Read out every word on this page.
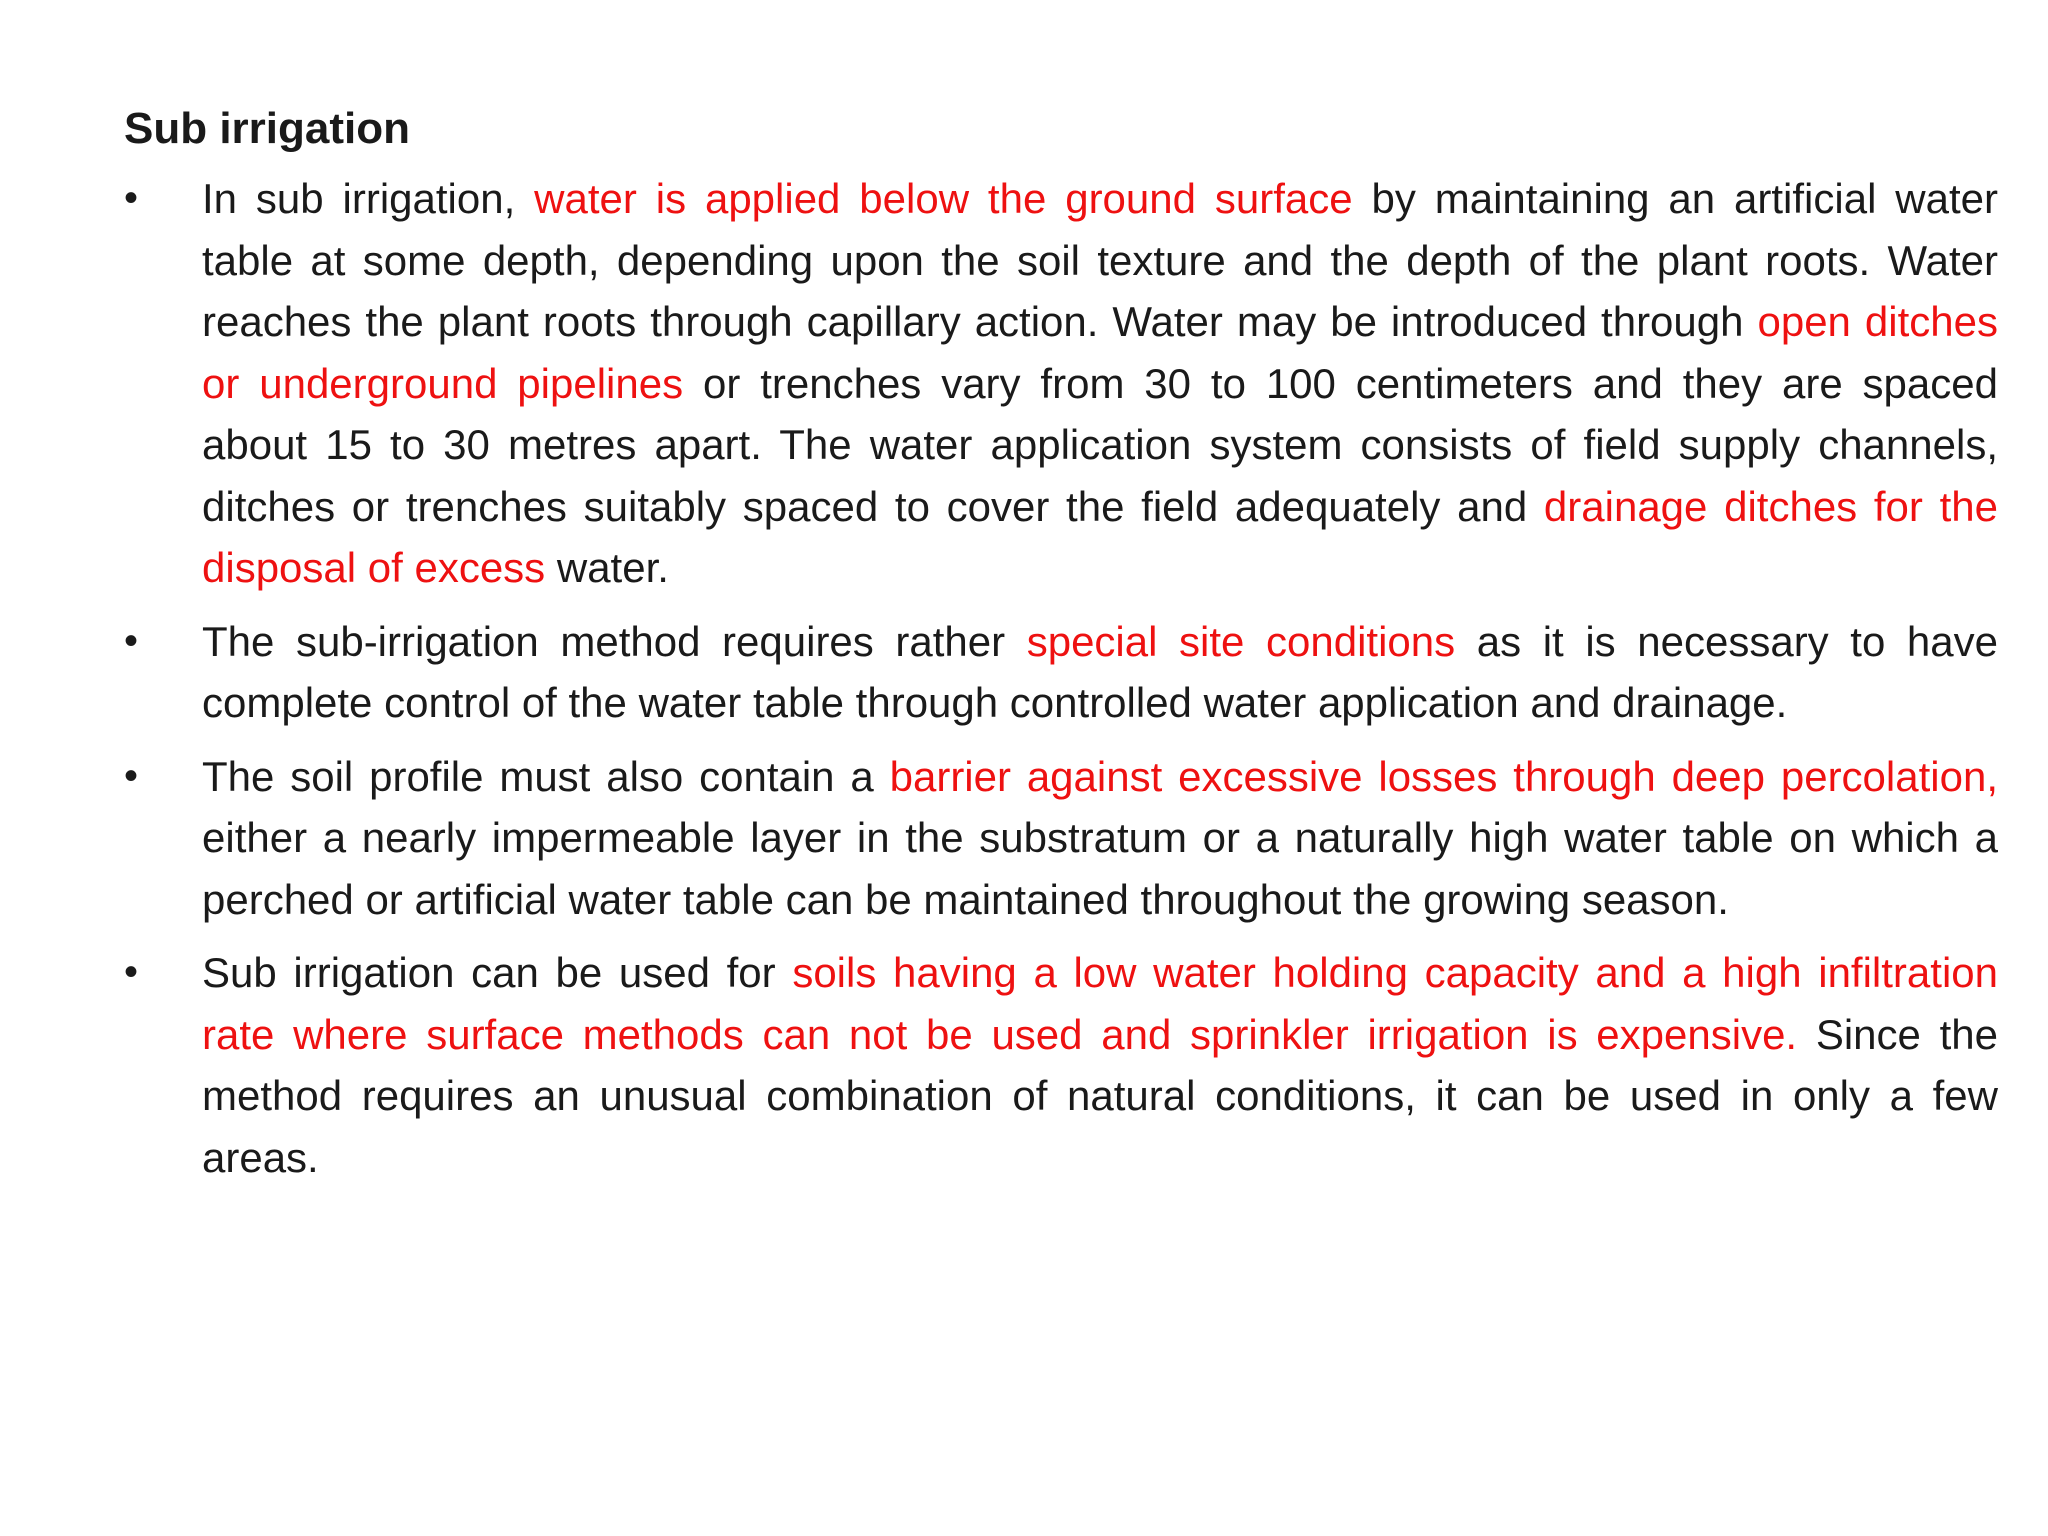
Sub irrigation
•	In sub irrigation, water is applied below the ground surface by maintaining an artificial water table at some depth, depending upon the soil texture and the depth of the plant roots. Water reaches the plant roots through capillary action. Water may be introduced through open ditches or underground pipelines or trenches vary from 30 to 100 centimeters and they are spaced about 15 to 30 metres apart. The water application system consists of field supply channels, ditches or trenches suitably spaced to cover the field adequately and drainage ditches for the disposal of excess water.
•	The sub-irrigation method requires rather special site conditions as it is necessary to have complete control of the water table through controlled water application and drainage.
•	The soil profile must also contain a barrier against excessive losses through deep percolation, either a nearly impermeable layer in the substratum or a naturally high water table on which a perched or artificial water table can be maintained throughout the growing season.
•	Sub irrigation can be used for soils having a low water holding capacity and a high infiltration rate where surface methods can not be used and sprinkler irrigation is expensive. Since the method requires an unusual combination of natural conditions, it can be used in only a few areas.
